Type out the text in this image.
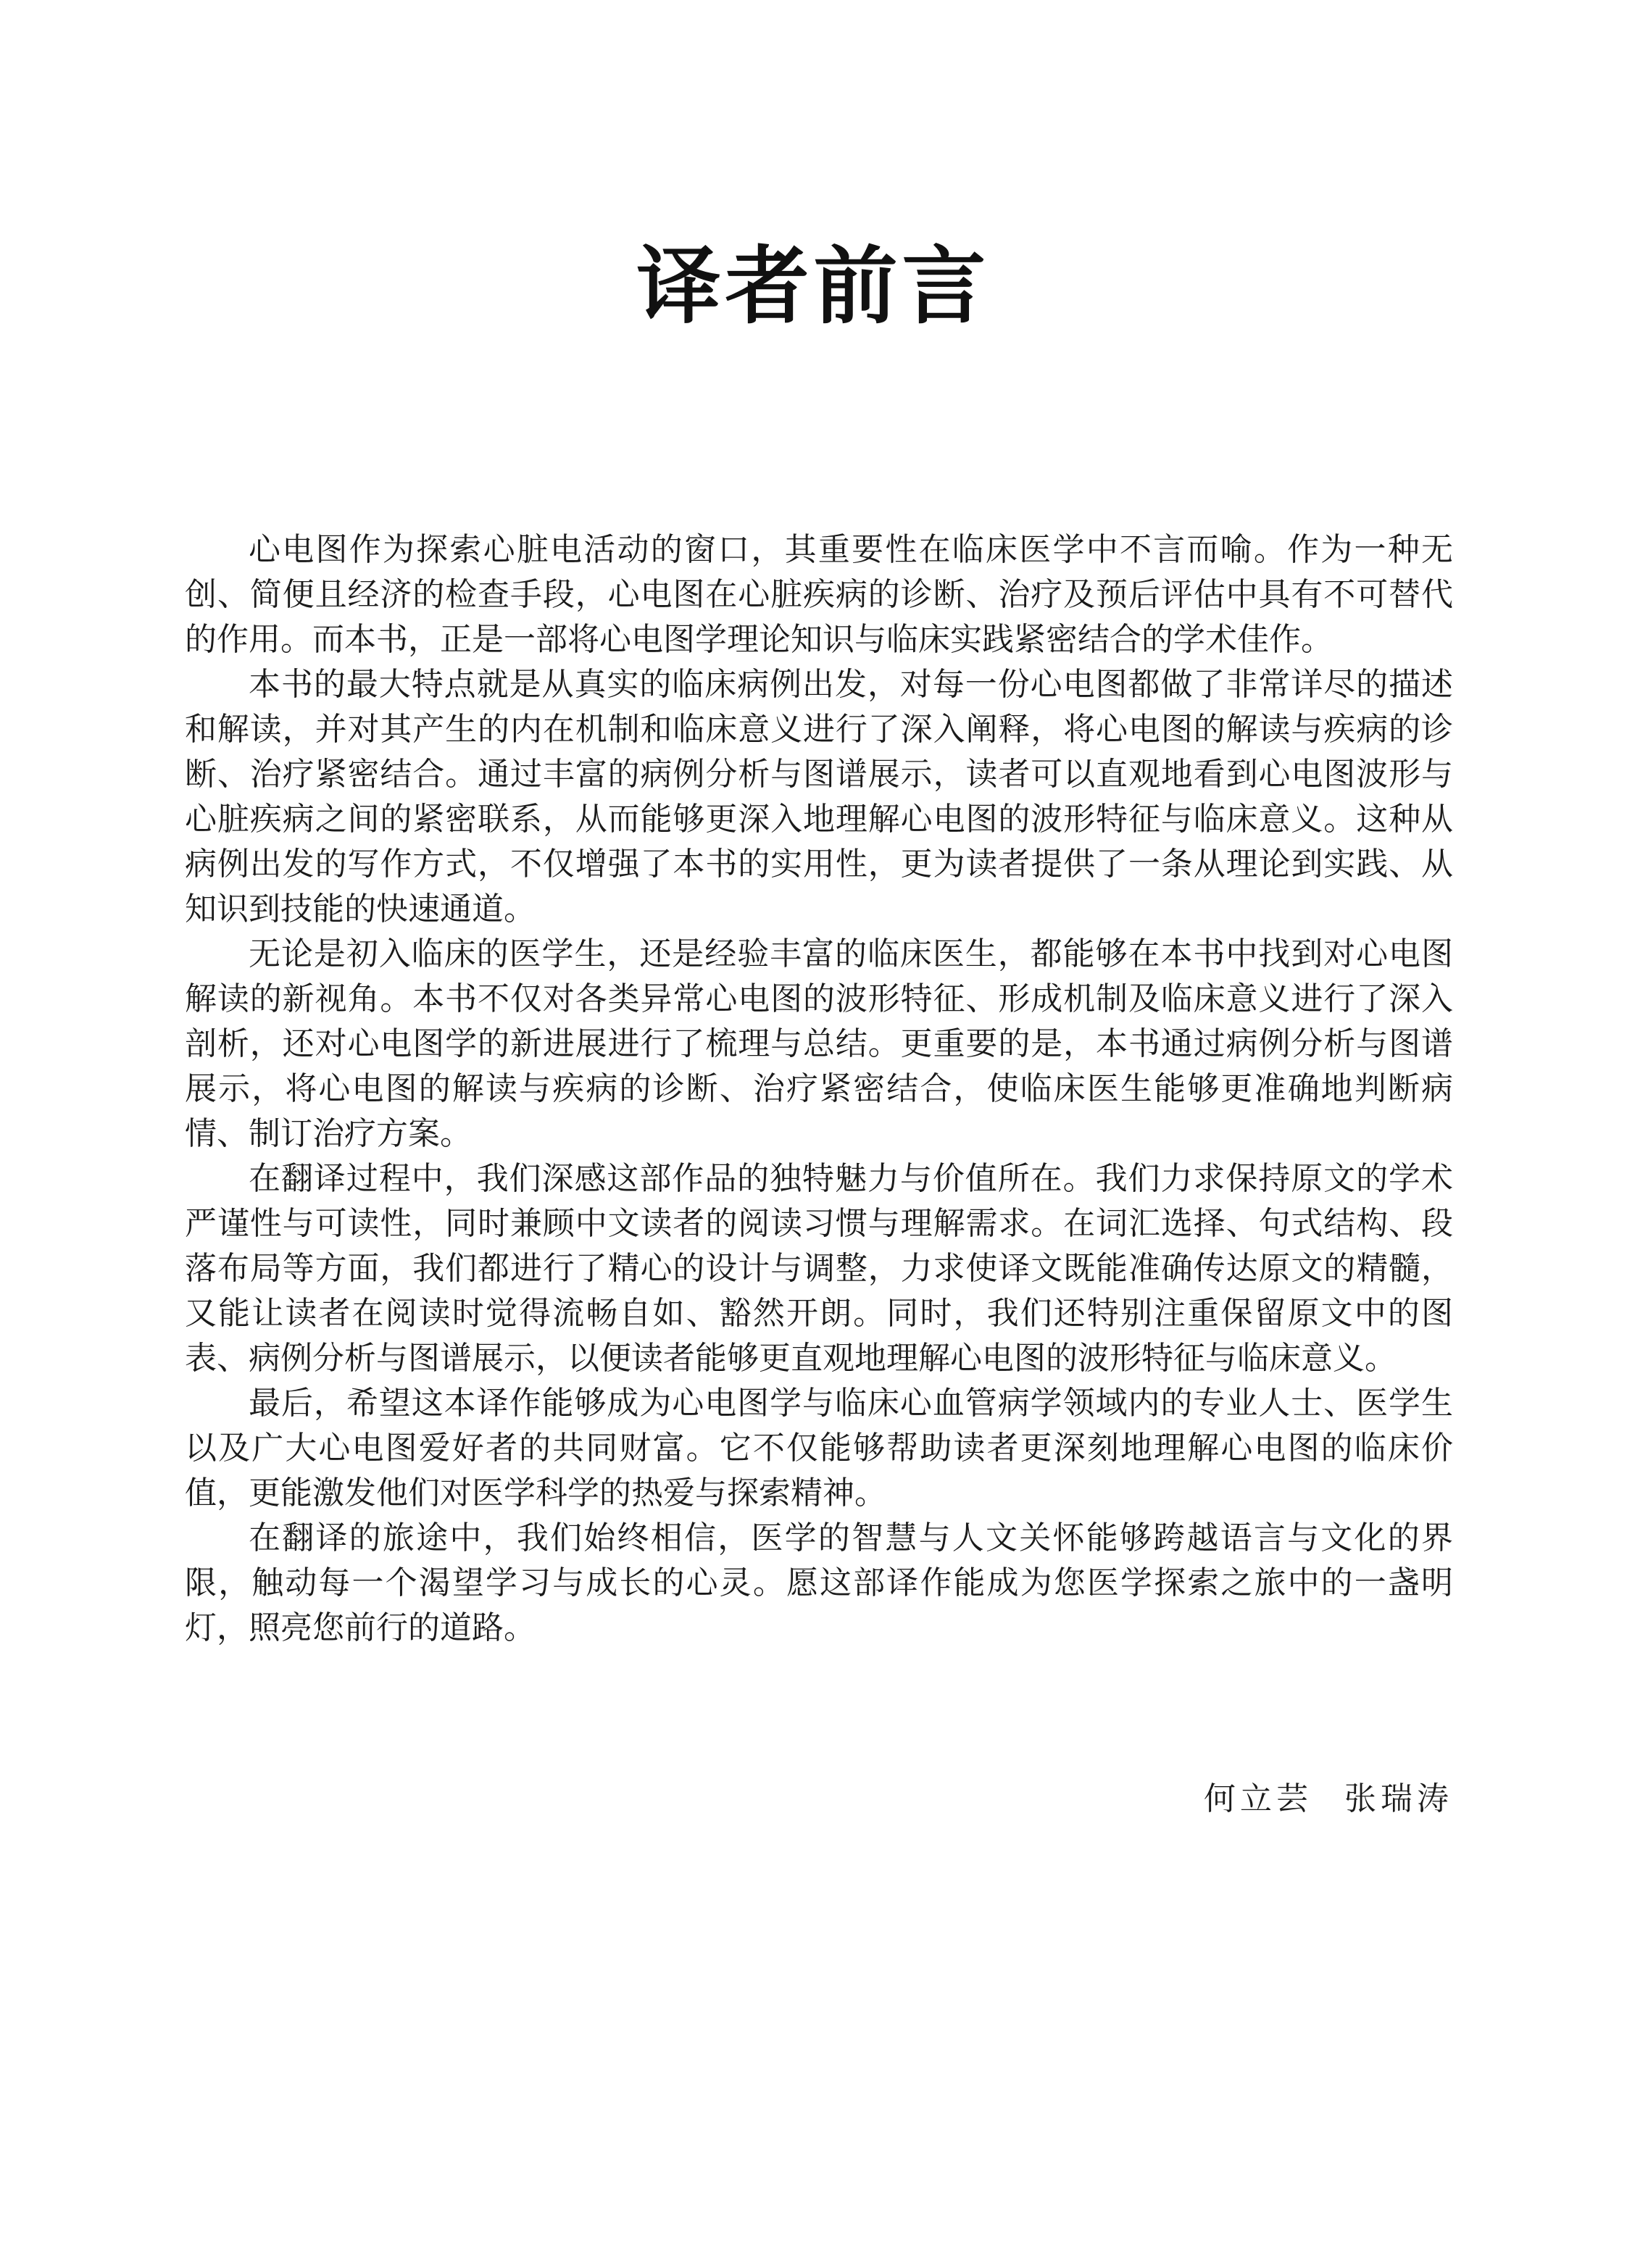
译者前言

心电图作为探索心脏电活动的窗口，其重要性在临床医学中不言而喻。作为一种无创、简便且经济的检查手段，心电图在心脏疾病的诊断、治疗及预后评估中具有不可替代的作用。而本书，正是一部将心电图学理论知识与临床实践紧密结合的学术佳作。

本书的最大特点就是从真实的临床病例出发，对每一份心电图都做了非常详尽的描述和解读，并对其产生的内在机制和临床意义进行了深入阐释，将心电图的解读与疾病的诊断、治疗紧密结合。通过丰富的病例分析与图谱展示，读者可以直观地看到心电图波形与心脏疾病之间的紧密联系，从而能够更深入地理解心电图的波形特征与临床意义。这种从病例出发的写作方式，不仅增强了本书的实用性，更为读者提供了一条从理论到实践、从知识到技能的快速通道。

无论是初入临床的医学生，还是经验丰富的临床医生，都能够在本书中找到对心电图解读的新视角。本书不仅对各类异常心电图的波形特征、形成机制及临床意义进行了深入剖析，还对心电图学的新进展进行了梳理与总结。更重要的是，本书通过病例分析与图谱展示，将心电图的解读与疾病的诊断、治疗紧密结合，使临床医生能够更准确地判断病情、制订治疗方案。

在翻译过程中，我们深感这部作品的独特魅力与价值所在。我们力求保持原文的学术严谨性与可读性，同时兼顾中文读者的阅读习惯与理解需求。在词汇选择、句式结构、段落布局等方面，我们都进行了精心的设计与调整，力求使译文既能准确传达原文的精髓，又能让读者在阅读时觉得流畅自如、豁然开朗。同时，我们还特别注重保留原文中的图表、病例分析与图谱展示，以便读者能够更直观地理解心电图的波形特征与临床意义。

最后，希望这本译作能够成为心电图学与临床心血管病学领域内的专业人士、医学生以及广大心电图爱好者的共同财富。它不仅能够帮助读者更深刻地理解心电图的临床价值，更能激发他们对医学科学的热爱与探索精神。

在翻译的旅途中，我们始终相信，医学的智慧与人文关怀能够跨越语言与文化的界限，触动每一个渴望学习与成长的心灵。愿这部译作能成为您医学探索之旅中的一盏明灯，照亮您前行的道路。

何立芸 张瑞涛
